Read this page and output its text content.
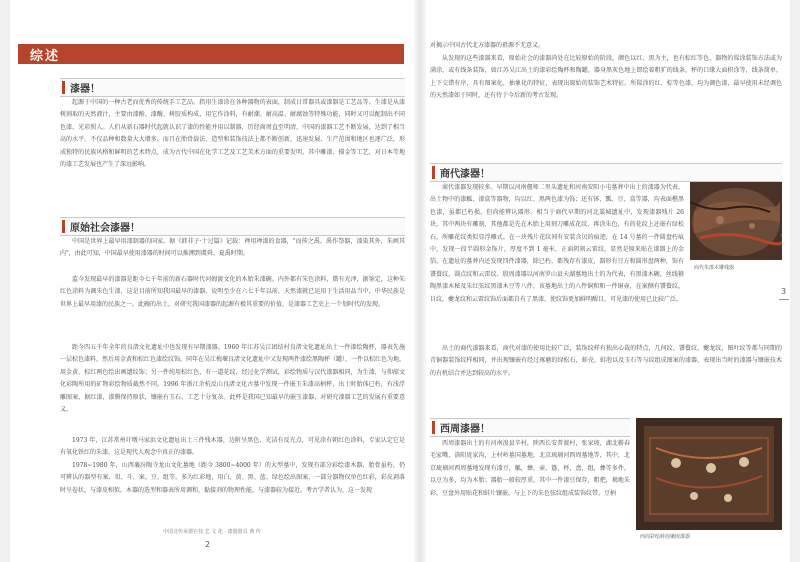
综述
漆器！

起源于中国的一种古老而优秀的传统手工艺品。指用生漆涂在各种器物的表面，制成日常器具或漆器是工艺品等。生漆是从漆树割取的天然液汁，主要由漆酚、漆酶、树胶质构成，用它作涂料，有耐潮、耐高温、耐腐蚀等特殊功能，同时又可以配制出不同色漆，光彩照人。人们从新石器时代起就认识了漆的性能并用以制器，历经商周直至明清，中国的漆器工艺不断发展，达到了相当高的水平。不仅品种和数量大大增多，而且在胎骨载法、造型和装饰技法上都不断创新，迅速发展，生产范围和地区也逐广泛，形成独特的民族风格和鲜明的艺术特点，成为古代中国在化学工艺及工艺美术方面的重要发明，其中雕漆、描金等工艺，对日本等地的漆工艺发展也产生了深远影响。

原始社会漆器！

中国是世界上最早用漆制器的国家。据《韩非子·十过篇》记载：禅用禅漆的食器，"而传之禹，禹作祭器，漆染其外，朱画其内"，由此可知，中国最早使用漆器的时间可以推溯到虞舜、夏禹时期。

监今发现最早的漆器是距今七千年前的新石器时代河姆渡文化的木胎朱漆碗。内外都有朱色涂料，微有光泽，据鉴定，这种朱红色涂料为调朱色生漆，这是目前所知我国最早的漆器，说明至少在六七千年以前，天然漆就已运用于生活用品当中，中华民族是世界上最早用漆的民族之一。此碗的出土，对研究我国漆器的起源有极其重要的价值，是漆器工艺史上一个划时代的发现。

距今四五千年全年的良渚文化遗址中也发现有早期漆器。1960 年江苏吴江团结村良渚文化遗址出土一件漆绘陶杯，器表先施一层棕色漆料，然后用金黄和棕红色漆绘纹饰。同年在吴江梅堰良渚文化遗址中又发现两件漆绘黑陶杯（罐），一件以棕红色为地，用金黄、棕红两色绘出画遗纹饰；另一件纯用棕红色，有一道花纹，经过化学测试，彩绘物质与汉代漆器相同，为生漆，与仰韶文化彩陶所用的矿物彩绘物质截然不同。1996 年浙江余杭反山良渚文化古墓中发现一件嵌玉朱漆高柄杯，出土时胎体已朽，有浅浮雕图案，据红漆，漆膜保持原状，镶嵌有玉石，工艺十分复杂。此杯是我国已知最早的嵌玉漆器，对研究漆器工艺的发展有重要意义。

1973 年，江苏常州圩墩马家浜文化遗址出土三件残木器，边附呈黑色，光洁有反光点，可见涂有朝红色涂料，专家认定它是有氧化铁红的朱漆，这是现代人观念中真正的漆器。

1978~1980 年，山西襄汾陶寺龙山文化墓地（距今 3800~4000 年）的大型墓中，发现有部分彩绘漆木器，胎骨虽朽，仍可辨认的器型有案、俎、斗、案、豆、组等。多为红彩地，用白、黄、黑、蓝、绿色绘出图案，一部分器物仅单色红彩，彩皮剥落时呈卷状，与漆皮相似。木器的选型和器表所用调和、黏接剂的物理性能，与漆器较为接近。考古学者认为，这一发现

中国北传承器官技 艺 文 化 · 漆器器具 典 传
2

对揭示中国古代北方漆器的祖源不无意义。

从发现的这些漆器来看，原始社会的漆器尚处在比较原始的阶段，颜色以红、黑为主，也有棕红等色，器物的髹涂装饰方法或为满涂，或有线条装饰，如江苏吴江出土的漆彩绘陶杯和陶罐，器身黑灰色地上即绘着粗犷的线条，杯的口缘大面积涂等，线条简单，上下交错有序，具有图案化，抽象化的特征，表现出原始的装饰艺术特征。所髹涂的红、棕等色漆，均为调色漆，最早使用未经调色的天然漆如于同时，还有待于今后新的考古发现。

商代漆器！
商代朱漆木雕残器

商代漆器发现较多。早期以河南偃师二里头遗址和河南安阳小屯墓葬中出土的漆器为代表。出土物中的漆觚、漆盒等器物，均以红、黑两色漆为饰；还有钵、瓢、豆、盒等器，均表面楷黑色漆，虽都已朽损，但尚能辨认器形。相当于商代早期的河北藁城遗址中，发现漆器残片 26 块，其中两块有雕刻，其他都是先在木胎上用刻刀雕成花纹，再涂朱色，有的花纹上还嵌有绿松石，所雕花纹类似显浮雕式。在一块残片花纹间有安装含贝的痕迹，在 14 号墓的一件圆盘朽痕中，发现一段半圆形金饰片，厚度不到 1 毫米，正面阴刻云雷纹，显然是原来贴在漆器上的金箔。在遗址的墓葬内还发现四件漆器，除已朽，都残存有漆皮，器形有豆方和圆形盘两种，饰有饕餮纹，圆点纹和云雷纹。殷周漆器以河南罗山县天湖墓地出土的为代表，有黑漆木碗，丝线箍陶黑漆木秘及朱红弦纹黑漆木豆等八件，该墓地出土的八件铜和和一件铜壶，在案侧有饕餮纹，目纹，夔龙纹和云雷纹饰后面都自有了黑漆，使纹饰更加鲜明醒目，可见漆的使用已比较广泛。

出土的商代漆器来看，商代对漆的使用比较广泛，装饰纹样有独出心裁的特点，几何纹、饕餮纹、夔龙纹，图叶纹等都与同期的青铜器装饰纹样相同，并出现镶嵌有经过琢磨的绿松石，蚌壳，蚌泡以及玉石等与纹组成图案的漆器，表现出当时的漆器与镶嵌技术的有机结合并达到较高的水平。

西周漆器！
西周彩绘蚌泡镶嵌漆器

西周漆器出土的有河南浚县辛村，陕西长安普渡村，张家坡，湖北蕲春毛家嘴，洛阳庞家沟，上村岭墓国墓地，北京琉璃河西周墓地等，其中，北京琉璃河西周墓地发现有漆豆，觚，彝，壶，簋，杯，盘，组，彝等多件，以豆为多，均为木胎；器胎一般较厚重。其中一件漆豆保存，粗把，褐地朱彩，豆盘外用贴花和蚌片镶嵌，与上下的朱色弦纹组成装饰纹带。豆柄

3
